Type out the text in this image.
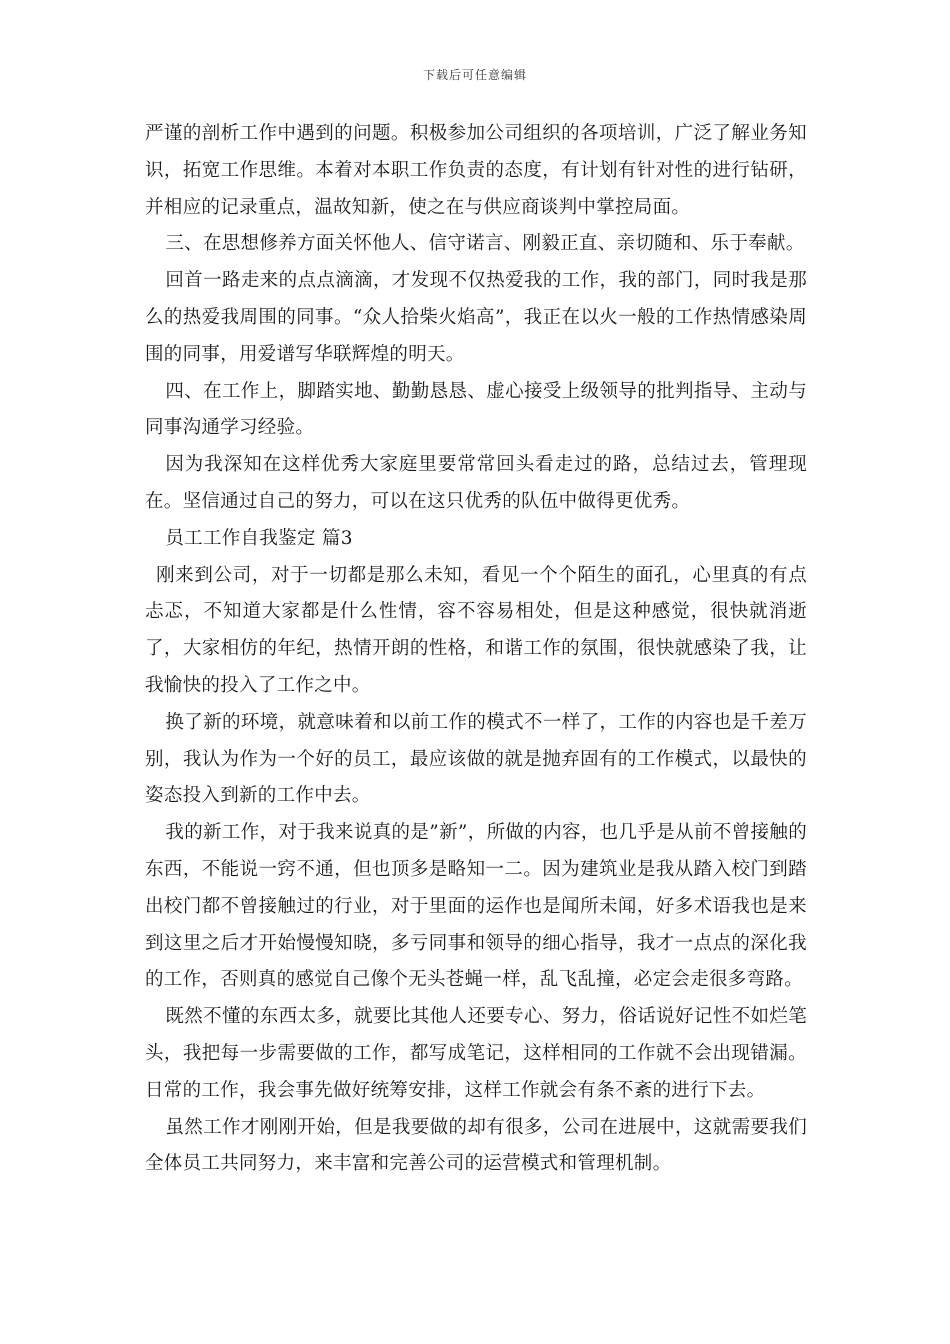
下载后可任意编辑

严谨的剖析工作中遇到的问题。积极参加公司组织的各项培训，广泛了解业务知识，拓宽工作思维。本着对本职工作负责的态度，有计划有针对性的进行钻研，并相应的记录重点，温故知新，使之在与供应商谈判中掌控局面。

三、在思想修养方面关怀他人、信守诺言、刚毅正直、亲切随和、乐于奉献。

回首一路走来的点点滴滴，才发现不仅热爱我的工作，我的部门，同时我是那么的热爱我周围的同事。“众人拾柴火焰高”，我正在以火一般的工作热情感染周围的同事，用爱谱写华联辉煌的明天。

四、在工作上，脚踏实地、勤勤恳恳、虚心接受上级领导的批判指导、主动与同事沟通学习经验。

因为我深知在这样优秀大家庭里要常常回头看走过的路，总结过去，管理现在。坚信通过自己的努力，可以在这只优秀的队伍中做得更优秀。

员工工作自我鉴定 篇3

刚来到公司，对于一切都是那么未知，看见一个个陌生的面孔，心里真的有点忐忑，不知道大家都是什么性情，容不容易相处，但是这种感觉，很快就消逝了，大家相仿的年纪，热情开朗的性格，和谐工作的氛围，很快就感染了我，让我愉快的投入了工作之中。

换了新的环境，就意味着和以前工作的模式不一样了，工作的内容也是千差万别，我认为作为一个好的员工，最应该做的就是抛弃固有的工作模式，以最快的姿态投入到新的工作中去。

我的新工作，对于我来说真的是”新”，所做的内容，也几乎是从前不曾接触的东西，不能说一窍不通，但也顶多是略知一二。因为建筑业是我从踏入校门到踏出校门都不曾接触过的行业，对于里面的运作也是闻所未闻，好多术语我也是来到这里之后才开始慢慢知晓，多亏同事和领导的细心指导，我才一点点的深化我的工作，否则真的感觉自己像个无头苍蝇一样，乱飞乱撞，必定会走很多弯路。

既然不懂的东西太多，就要比其他人还要专心、努力，俗话说好记性不如烂笔头，我把每一步需要做的工作，都写成笔记，这样相同的工作就不会出现错漏。日常的工作，我会事先做好统筹安排，这样工作就会有条不紊的进行下去。

虽然工作才刚刚开始，但是我要做的却有很多，公司在进展中，这就需要我们全体员工共同努力，来丰富和完善公司的运营模式和管理机制。
